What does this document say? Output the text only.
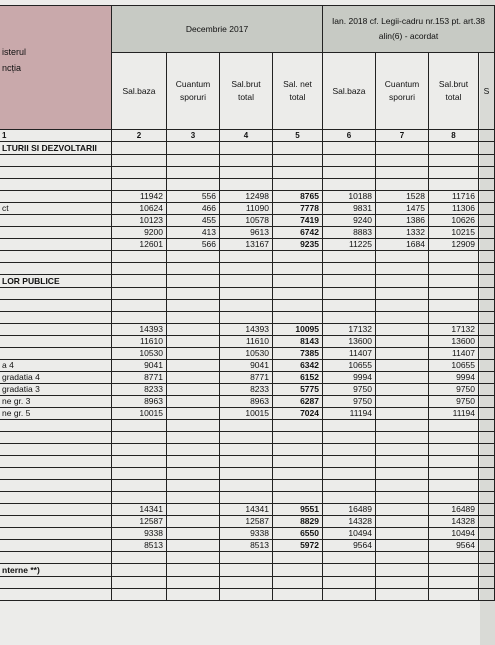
isterul
ncția	Decembrie 2017				Ian. 2018 cf. Legii-cadru nr.153 pt. art.38 alin(6) - acordat				
	Sal.baza	Cuantum sporuri	Sal.brut total	Sal. net total	Sal.baza	Cuantum sporuri	Sal.brut total	S	
1	2	3	4	5	6	7	8		
LTURII SI DEZVOLTARII									

	11942	556	12498	8765	10188	1528	11716		
ct	10624	466	11090	7778	9831	1475	11306		
	10123	455	10578	7419	9240	1386	10626		
	9200	413	9613	6742	8883	1332	10215		
	12601	566	13167	9235	11225	1684	12909		

LOR PUBLICE									

	14393		14393	10095	17132		17132		
	11610		11610	8143	13600		13600		
	10530		10530	7385	11407		11407		
a 4	9041		9041	6342	10655		10655		
gradatia 4	8771		8771	6152	9994		9994		
gradatia 3	8233		8233	5775	9750		9750		
ne gr. 3	8963		8963	6287	9750		9750		
ne gr. 5	10015		10015	7024	11194		11194		

	14341		14341	9551	16489		16489		
	12587		12587	8829	14328		14328		
	9338		9338	6550	10494		10494		
	8513		8513	5972	9564		9564		

nterne **)									
